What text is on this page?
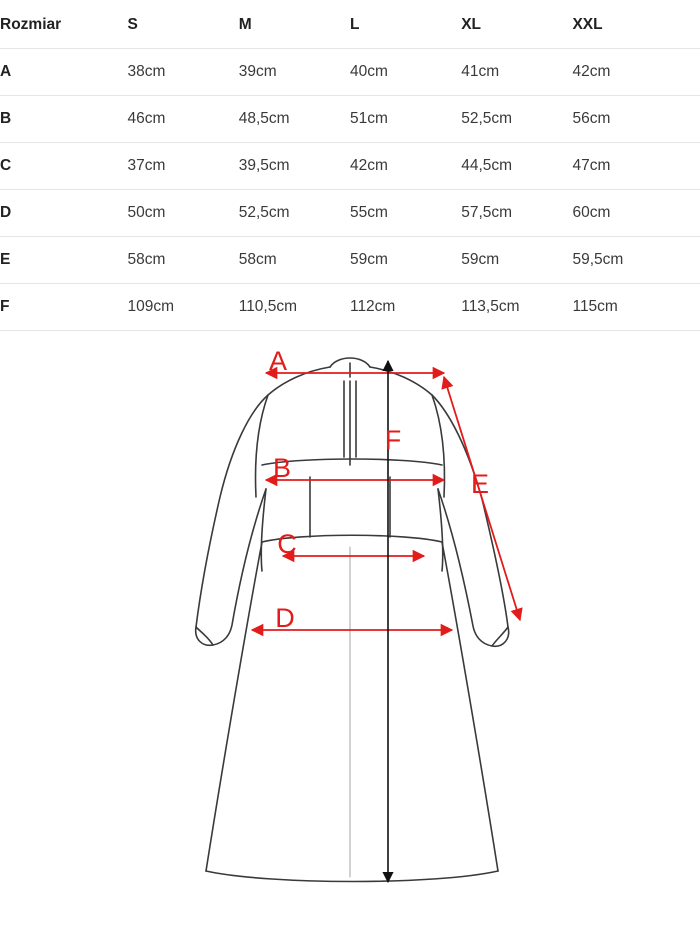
Rozmiar	S	M	L	XL	XXL	
A	38cm	39cm	40cm	41cm	42cm	
B	46cm	48,5cm	51cm	52,5cm	56cm	
C	37cm	39,5cm	42cm	44,5cm	47cm	
D	50cm	52,5cm	55cm	57,5cm	60cm	
E	58cm	58cm	59cm	59cm	59,5cm	
F	109cm	110,5cm	112cm	113,5cm	115cm	
A
B
C
D
E
F
